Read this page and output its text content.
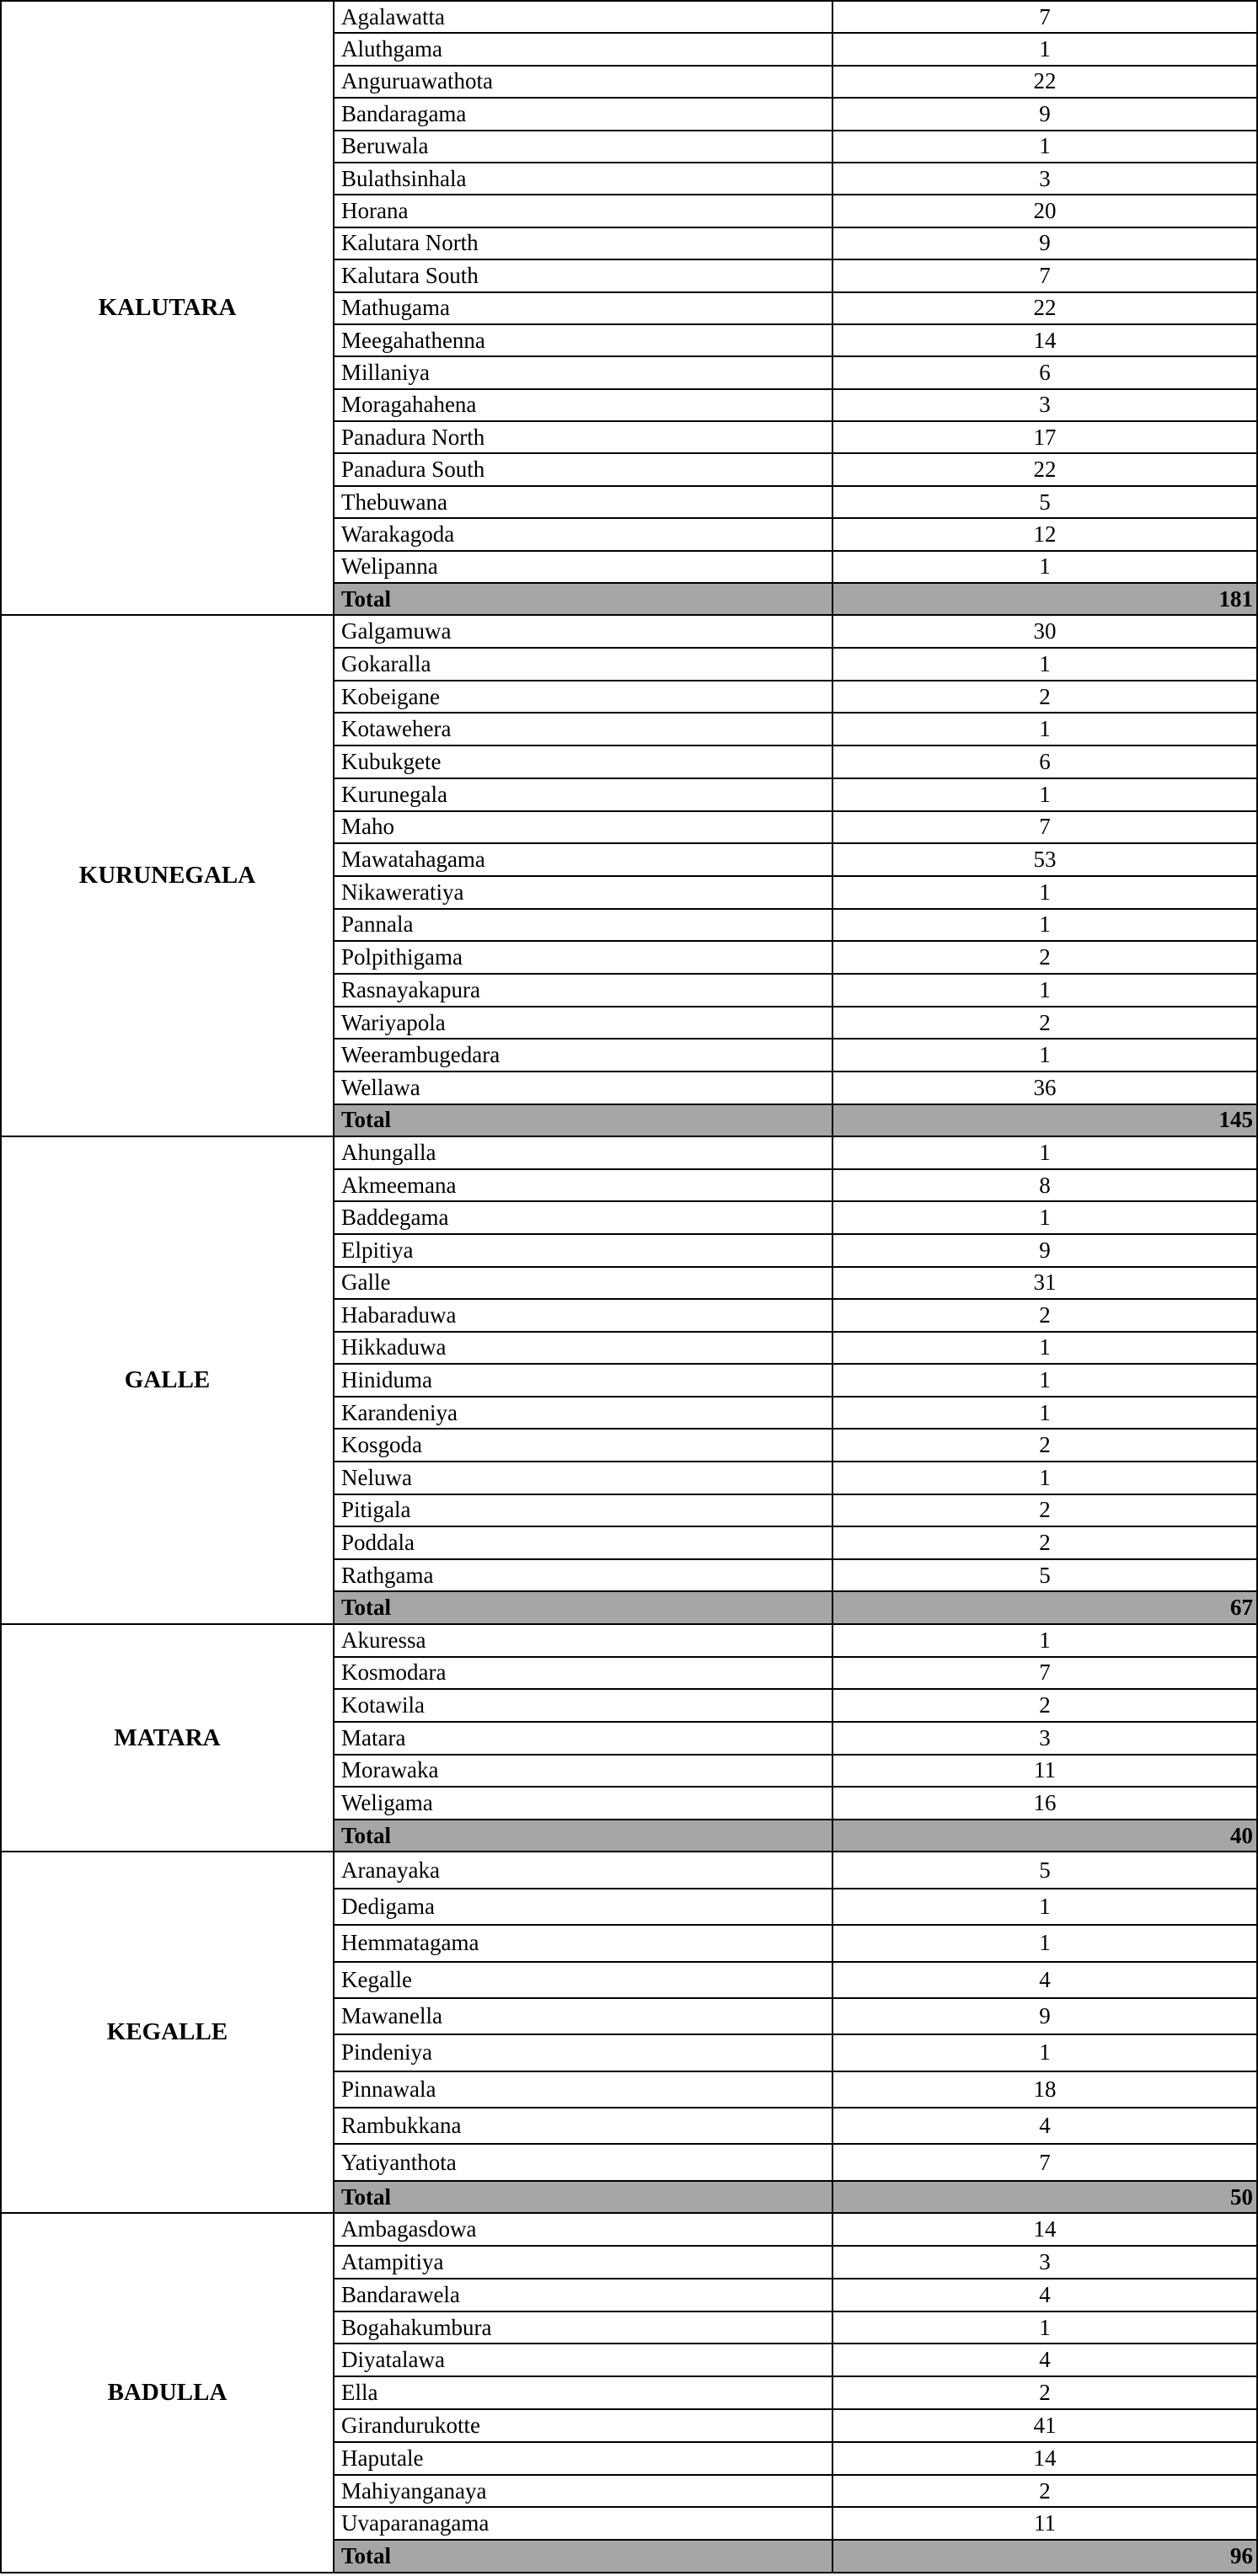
KALUTARA	Agalawatta	7
	Aluthgama	1
	Anguruawathota	22
	Bandaragama	9
	Beruwala	1
	Bulathsinhala	3
	Horana	20
	Kalutara North	9
	Kalutara South	7
	Mathugama	22
	Meegahathenna	14
	Millaniya	6
	Moragahahena	3
	Panadura North	17
	Panadura South	22
	Thebuwana	5
	Warakagoda	12
	Welipanna	1
	Total	181
KURUNEGALA	Galgamuwa	30
	Gokaralla	1
	Kobeigane	2
	Kotawehera	1
	Kubukgete	6
	Kurunegala	1
	Maho	7
	Mawatahagama	53
	Nikaweratiya	1
	Pannala	1
	Polpithigama	2
	Rasnayakapura	1
	Wariyapola	2
	Weerambugedara	1
	Wellawa	36
	Total	145
GALLE	Ahungalla	1
	Akmeemana	8
	Baddegama	1
	Elpitiya	9
	Galle	31
	Habaraduwa	2
	Hikkaduwa	1
	Hiniduma	1
	Karandeniya	1
	Kosgoda	2
	Neluwa	1
	Pitigala	2
	Poddala	2
	Rathgama	5
	Total	67
MATARA	Akuressa	1
	Kosmodara	7
	Kotawila	2
	Matara	3
	Morawaka	11
	Weligama	16
	Total	40
KEGALLE	Aranayaka	5
	Dedigama	1
	Hemmatagama	1
	Kegalle	4
	Mawanella	9
	Pindeniya	1
	Pinnawala	18
	Rambukkana	4
	Yatiyanthota	7
	Total	50
BADULLA	Ambagasdowa	14
	Atampitiya	3
	Bandarawela	4
	Bogahakumbura	1
	Diyatalawa	4
	Ella	2
	Girandurukotte	41
	Haputale	14
	Mahiyanganaya	2
	Uvaparanagama	11
	Total	96
